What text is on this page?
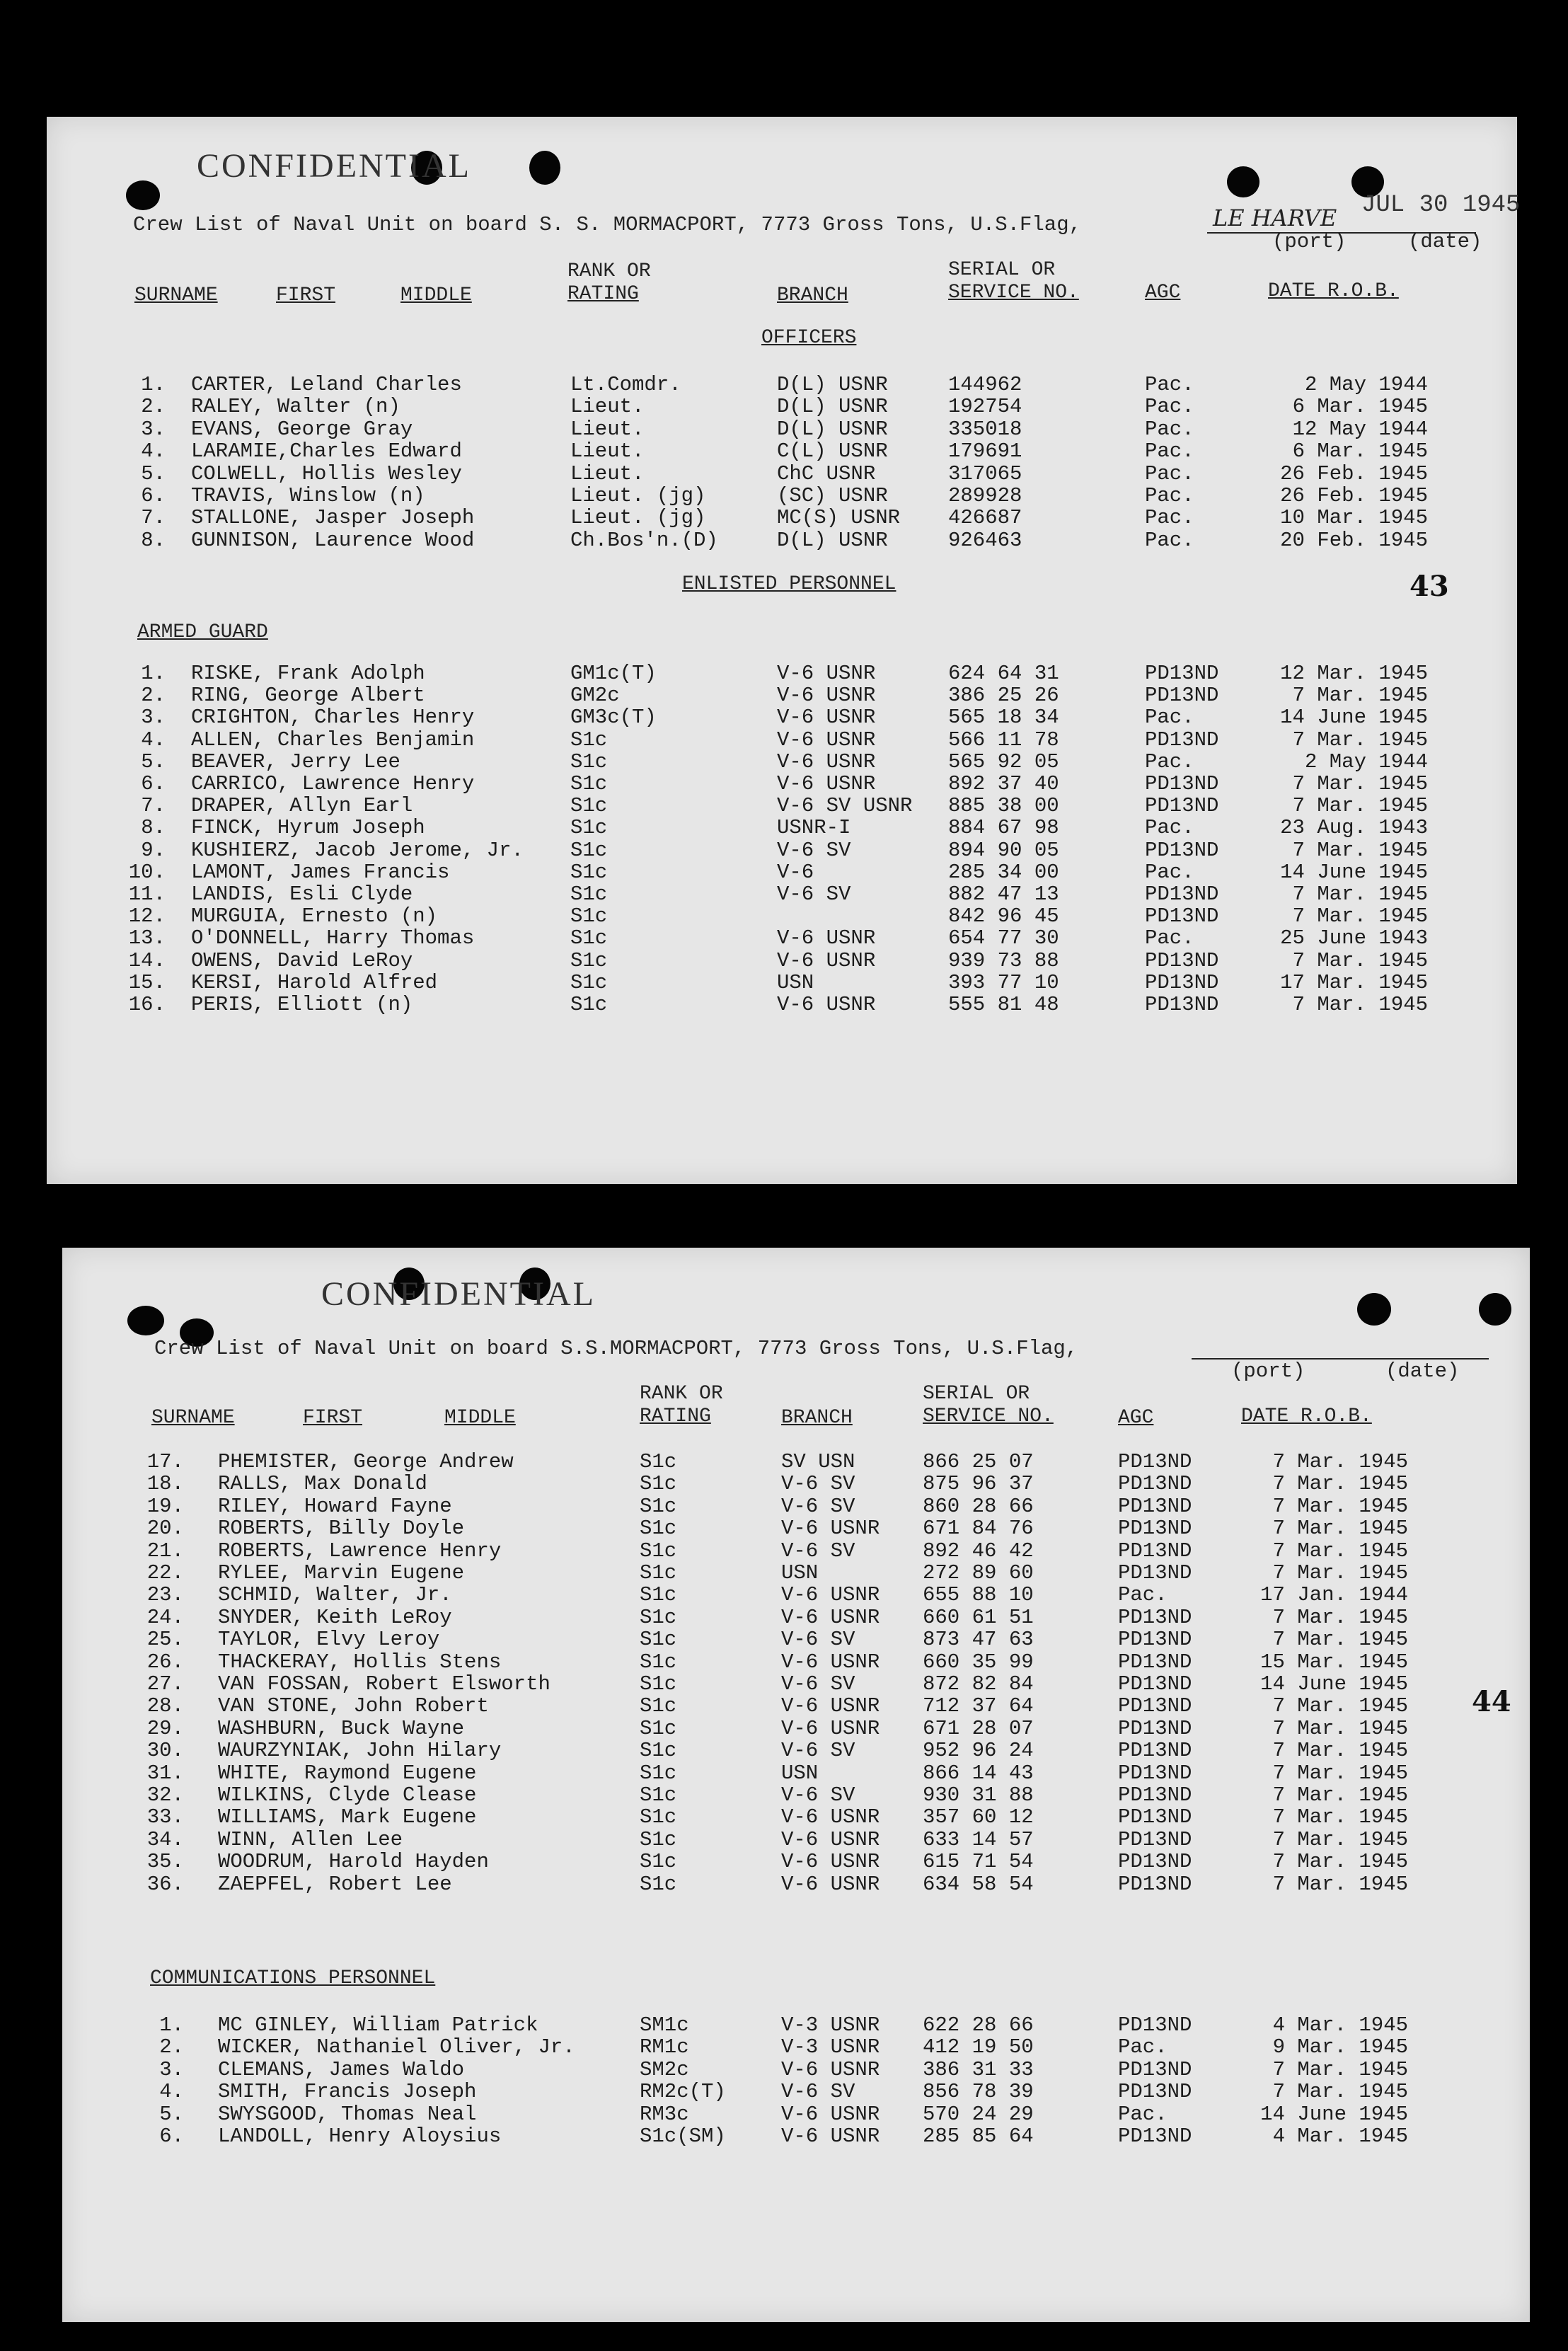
CONFIDENTIAL
Crew List of Naval Unit on board S. S. MORMACPORT, 7773 Gross Tons, U.S.Flag,	LE HARVE JUL 30 1945
(port)	(date)
SURNAME	FIRST	MIDDLE
RANK OR
RATING	BRANCH
SERIAL OR
SERVICE NO.	AGC	DATE R.O.B.
OFFICERS
1. CARTER, Leland Charles	Lt.Comdr.	D(L) USNR	144962	Pac.	2 May 1944
2. RALEY, Walter (n)	Lieut.	D(L) USNR	192754	Pac.	6 Mar. 1945
3. EVANS, George Gray	Lieut.	D(L) USNR	335018	Pac.	12 May 1944
4. LARAMIE,Charles Edward	Lieut.	C(L) USNR	179691	Pac.	6 Mar. 1945
5. COLWELL, Hollis Wesley	Lieut.	ChC USNR	317065	Pac.	26 Feb. 1945
6. TRAVIS, Winslow (n)	Lieut. (jg)	(SC) USNR	289928	Pac.	26 Feb. 1945
7. STALLONE, Jasper Joseph	Lieut. (jg)	MC(S) USNR 426687	Pac.	10 Mar. 1945
8. GUNNISON, Laurence Wood	Ch.Bos'n.(D)	D(L) USNR	926463	Pac.	20 Feb. 1945
ENLISTED PERSONNEL	43
ARMED GUARD
1. RISKE, Frank Adolph	GM1c(T)	V-6 USNR	624 64 31	PD13ND	12 Mar. 1945
2. RING, George Albert	GM2c	V-6 USNR	386 25 26	PD13ND	7 Mar. 1945
3. CRIGHTON, Charles Henry	GM3c(T)	V-6 USNR	565 18 34	Pac.	14 June 1945
4. ALLEN, Charles Benjamin	S1c	V-6 USNR	566 11 78	PD13ND	7 Mar. 1945
5. BEAVER, Jerry Lee	S1c	V-6 USNR	565 92 05	Pac.	2 May 1944
6. CARRICO, Lawrence Henry	S1c	V-6 USNR	892 37 40	PD13ND	7 Mar. 1945
7. DRAPER, Allyn Earl	S1c	V-6 SV USNR 885 38 00	PD13ND	7 Mar. 1945
8. FINCK, Hyrum Joseph	S1c	USNR-I	884 67 98	Pac.	23 Aug. 1943
9. KUSHIERZ, Jacob Jerome, Jr. S1c	V-6 SV	894 90 05	PD13ND	7 Mar. 1945
10. LAMONT, James Francis	S1c	V-6	285 34 00	Pac.	14 June 1945
11. LANDIS, Esli Clyde	S1c	V-6 SV	882 47 13	PD13ND	7 Mar. 1945
12. MURGUIA, Ernesto (n)	S1c	842 96 45	PD13ND	7 Mar. 1945
13. O'DONNELL, Harry Thomas	S1c	V-6 USNR	654 77 30	Pac.	25 June 1943
14. OWENS, David LeRoy	S1c	V-6 USNR	939 73 88	PD13ND	7 Mar. 1945
15. KERSI, Harold Alfred	S1c	USN	393 77 10	PD13ND	17 Mar. 1945
16. PERIS, Elliott (n)	S1c	V-6 USNR	555 81 48	PD13ND	7 Mar. 1945
CONFIDENTIAL
Crew List of Naval Unit on board S.S.MORMACPORT, 7773 Gross Tons, U.S.Flag,
(port)	(date)
SURNAME	FIRST	MIDDLE
RANK OR
RATING	BRANCH
SERIAL OR
SERVICE NO.	AGC	DATE R.O.B.
17. PHEMISTER, George Andrew	S1c	SV USN	866 25 07	PD13ND	7 Mar. 1945
18. RALLS, Max Donald	S1c	V-6 SV	875 96 37	PD13ND	7 Mar. 1945
19. RILEY, Howard Fayne	S1c	V-6 SV	860 28 66	PD13ND	7 Mar. 1945
20. ROBERTS, Billy Doyle	S1c	V-6 USNR 671 84 76	PD13ND	7 Mar. 1945
21. ROBERTS, Lawrence Henry	S1c	V-6 SV	892 46 42	PD13ND	7 Mar. 1945
22. RYLEE, Marvin Eugene	S1c	USN	272 89 60	PD13ND	7 Mar. 1945
23. SCHMID, Walter, Jr.	S1c	V-6 USNR 655 88 10	Pac.	17 Jan. 1944
24. SNYDER, Keith LeRoy	S1c	V-6 USNR 660 61 51	PD13ND	7 Mar. 1945
25. TAYLOR, Elvy Leroy	S1c	V-6 SV	873 47 63	PD13ND	7 Mar. 1945
26. THACKERAY, Hollis Stens	S1c	V-6 USNR 660 35 99	PD13ND	15 Mar. 1945
27. VAN FOSSAN, Robert Elsworth	S1c	V-6 SV	872 82 84	PD13ND	14 June 1945
28. VAN STONE, John Robert	S1c	V-6 USNR 712 37 64	PD13ND	7 Mar. 1945
29. WASHBURN, Buck Wayne	S1c	V-6 USNR 671 28 07	PD13ND	7 Mar. 1945
30. WAURZYNIAK, John Hilary	S1c	V-6 SV	952 96 24	PD13ND	7 Mar. 1945
31. WHITE, Raymond Eugene	S1c	USN	866 14 43	PD13ND	7 Mar. 1945
32. WILKINS, Clyde Clease	S1c	V-6 SV	930 31 88	PD13ND	7 Mar. 1945
33. WILLIAMS, Mark Eugene	S1c	V-6 USNR 357 60 12	PD13ND	7 Mar. 1945
34. WINN, Allen Lee	S1c	V-6 USNR 633 14 57	PD13ND	7 Mar. 1945
35. WOODRUM, Harold Hayden	S1c	V-6 USNR 615 71 54	PD13ND	7 Mar. 1945
36. ZAEPFEL, Robert Lee	S1c	V-6 USNR 634 58 54	PD13ND	7 Mar. 1945
44
COMMUNICATIONS PERSONNEL
1. MC GINLEY, William Patrick	SM1c	V-3 USNR 622 28 66	PD13ND	4 Mar. 1945
2. WICKER, Nathaniel Oliver, Jr.	RM1c	V-3 USNR 412 19 50	Pac.	9 Mar. 1945
3. CLEMANS, James Waldo	SM2c	V-6 USNR 386 31 33	PD13ND	7 Mar. 1945
4. SMITH, Francis Joseph	RM2c(T)	V-6 SV	856 78 39	PD13ND	7 Mar. 1945
5. SWYSGOOD, Thomas Neal	RM3c	V-6 USNR 570 24 29	Pac.	14 June 1945
6. LANDOLL, Henry Aloysius	S1c(SM)	V-6 USNR 285 85 64	PD13ND	4 Mar. 1945
